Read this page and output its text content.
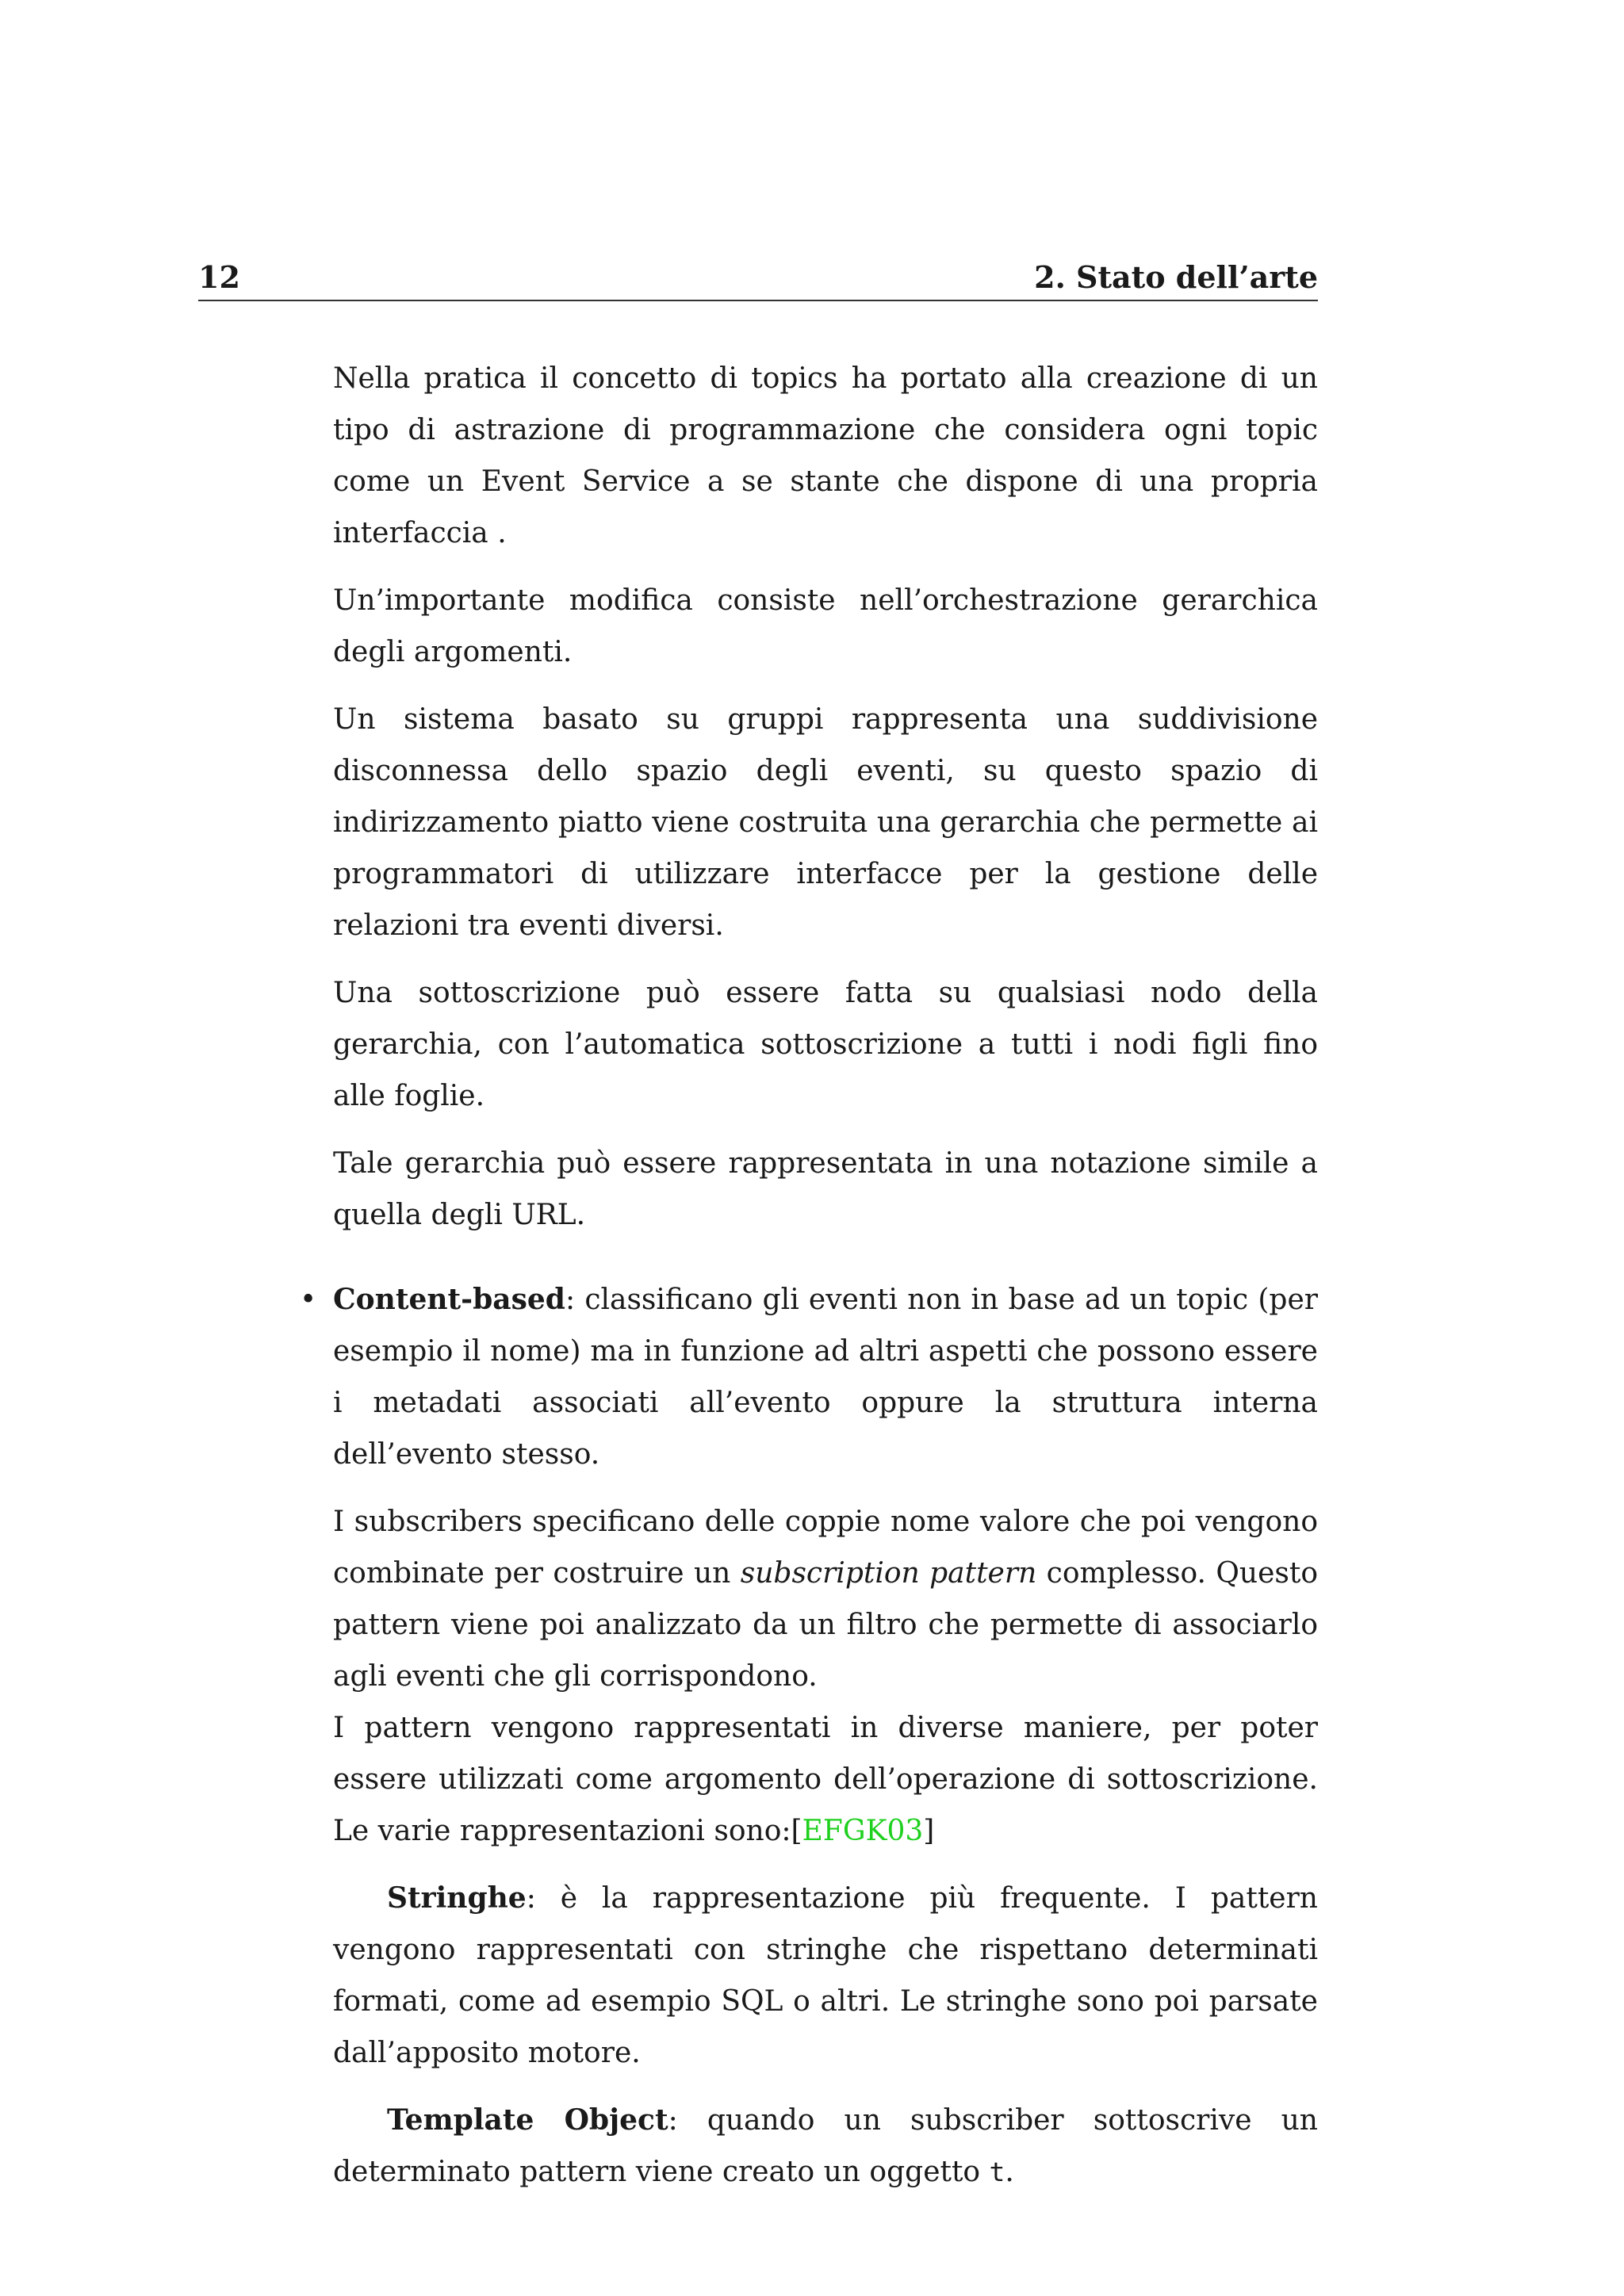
12	2. Stato dell’arte

Nella pratica il concetto di topics ha portato alla creazione di un tipo di astrazione di programmazione che considera ogni topic come un Event Service a se stante che dispone di una propria interfaccia .

Un’importante modifica consiste nell’orchestrazione gerarchica degli argomenti.

Un sistema basato su gruppi rappresenta una suddivisione disconnessa dello spazio degli eventi, su questo spazio di indirizzamento piatto viene costruita una gerarchia che permette ai programmatori di utilizzare interfacce per la gestione delle relazioni tra eventi diversi.

Una sottoscrizione può essere fatta su qualsiasi nodo della gerarchia, con l’automatica sottoscrizione a tutti i nodi figli fino alle foglie.

Tale gerarchia può essere rappresentata in una notazione simile a quella degli URL.

• Content-based: classificano gli eventi non in base ad un topic (per esempio il nome) ma in funzione ad altri aspetti che possono essere i metadati associati all’evento oppure la struttura interna dell’evento stesso.

I subscribers specificano delle coppie nome valore che poi vengono combinate per costruire un subscription pattern complesso. Questo pattern viene poi analizzato da un filtro che permette di associarlo agli eventi che gli corrispondono.

I pattern vengono rappresentati in diverse maniere, per poter essere utilizzati come argomento dell’operazione di sottoscrizione. Le varie rappresentazioni sono:[EFGK03]

Stringhe: è la rappresentazione più frequente. I pattern vengono rappresentati con stringhe che rispettano determinati formati, come ad esempio SQL o altri. Le stringhe sono poi parsate dall’apposito motore.

Template Object: quando un subscriber sottoscrive un determinato pattern viene creato un oggetto t.
